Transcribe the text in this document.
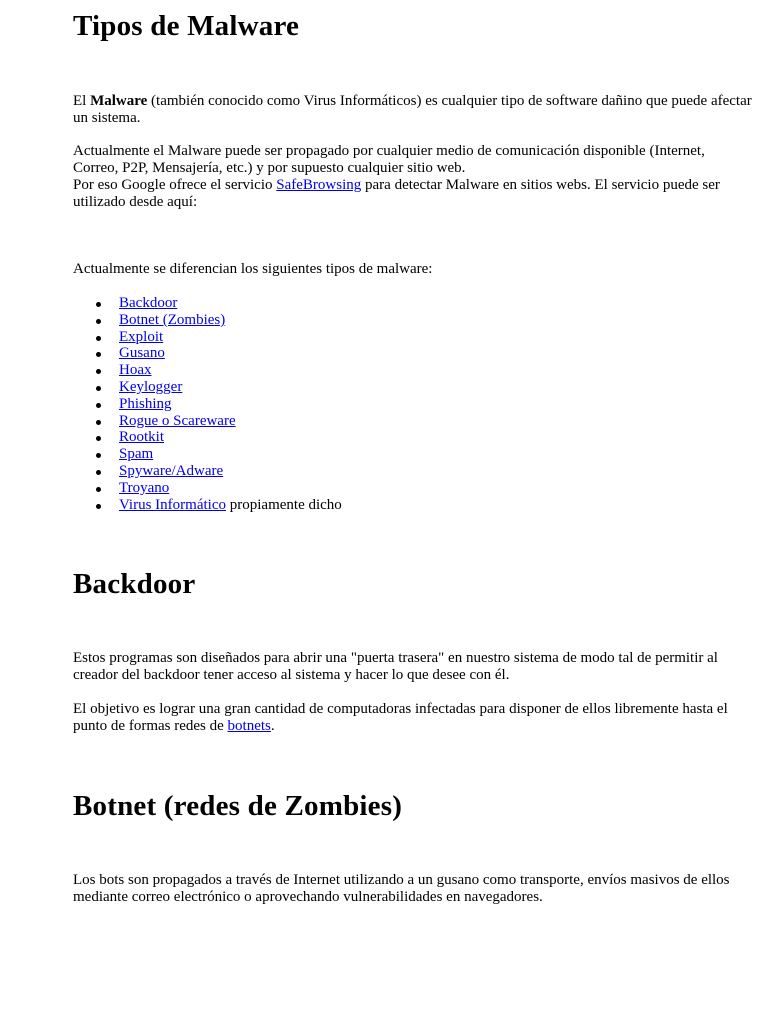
Tipos de Malware

El Malware (también conocido como Virus Informáticos) es cualquier tipo de software dañino que puede afectar un sistema.

Actualmente el Malware puede ser propagado por cualquier medio de comunicación disponible (Internet, Correo, P2P, Mensajería, etc.) y por supuesto cualquier sitio web.

Por eso Google ofrece el servicio SafeBrowsing para detectar Malware en sitios webs. El servicio puede ser utilizado desde aquí:

Actualmente se diferencian los siguientes tipos de malware:

Backdoor
Botnet (Zombies)
Exploit
Gusano
Hoax
Keylogger
Phishing
Rogue o Scareware
Rootkit
Spam
Spyware/Adware
Troyano
Virus Informático propiamente dicho
Backdoor

Estos programas son diseñados para abrir una "puerta trasera" en nuestro sistema de modo tal de permitir al creador del backdoor tener acceso al sistema y hacer lo que desee con él.

El objetivo es lograr una gran cantidad de computadoras infectadas para disponer de ellos libremente hasta el punto de formas redes de botnets.

Botnet (redes de Zombies)

Los bots son propagados a través de Internet utilizando a un gusano como transporte, envíos masivos de ellos mediante correo electrónico o aprovechando vulnerabilidades en navegadores.
